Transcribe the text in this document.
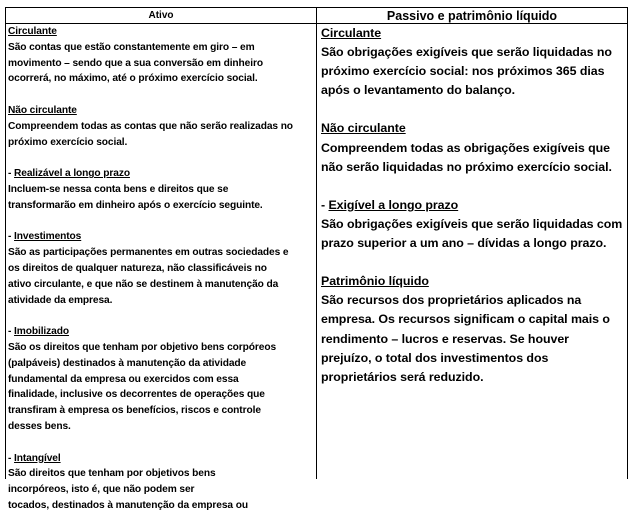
Ativo	Passivo e patrimônio líquido
Circulante
São contas que estão constantemente em giro – em
movimento – sendo que a sua conversão em dinheiro
ocorrerá, no máximo, até o próximo exercício social.
Não circulante
Compreendem todas as contas que não serão realizadas no
próximo exercício social.
- Realizável a longo prazo
Incluem-se nessa conta bens e direitos que se
transformarão em dinheiro após o exercício seguinte.
- Investimentos
São as participações permanentes em outras sociedades e
os direitos de qualquer natureza, não classificáveis no
ativo circulante, e que não se destinem à manutenção da
atividade da empresa.
- Imobilizado
São os direitos que tenham por objetivo bens corpóreos
(palpáveis) destinados à manutenção da atividade
fundamental da empresa ou exercidos com essa
finalidade, inclusive os decorrentes de operações que
transfiram à empresa os benefícios, riscos e controle
desses bens.
- Intangível
São direitos que tenham por objetivos bens
incorpóreos, isto é, que não podem ser
tocados, destinados à manutenção da empresa ou
Circulante
São obrigações exigíveis que serão liquidadas no
próximo exercício social: nos próximos 365 dias
após o levantamento do balanço.
Não circulante
Compreendem todas as obrigações exigíveis que
não serão liquidadas no próximo exercício social.
- Exigível a longo prazo
São obrigações exigíveis que serão liquidadas com
prazo superior a um ano – dívidas a longo prazo.
Patrimônio líquido
São recursos dos proprietários aplicados na
empresa. Os recursos significam o capital mais o
rendimento – lucros e reservas. Se houver
prejuízo, o total dos investimentos dos
proprietários será reduzido.
